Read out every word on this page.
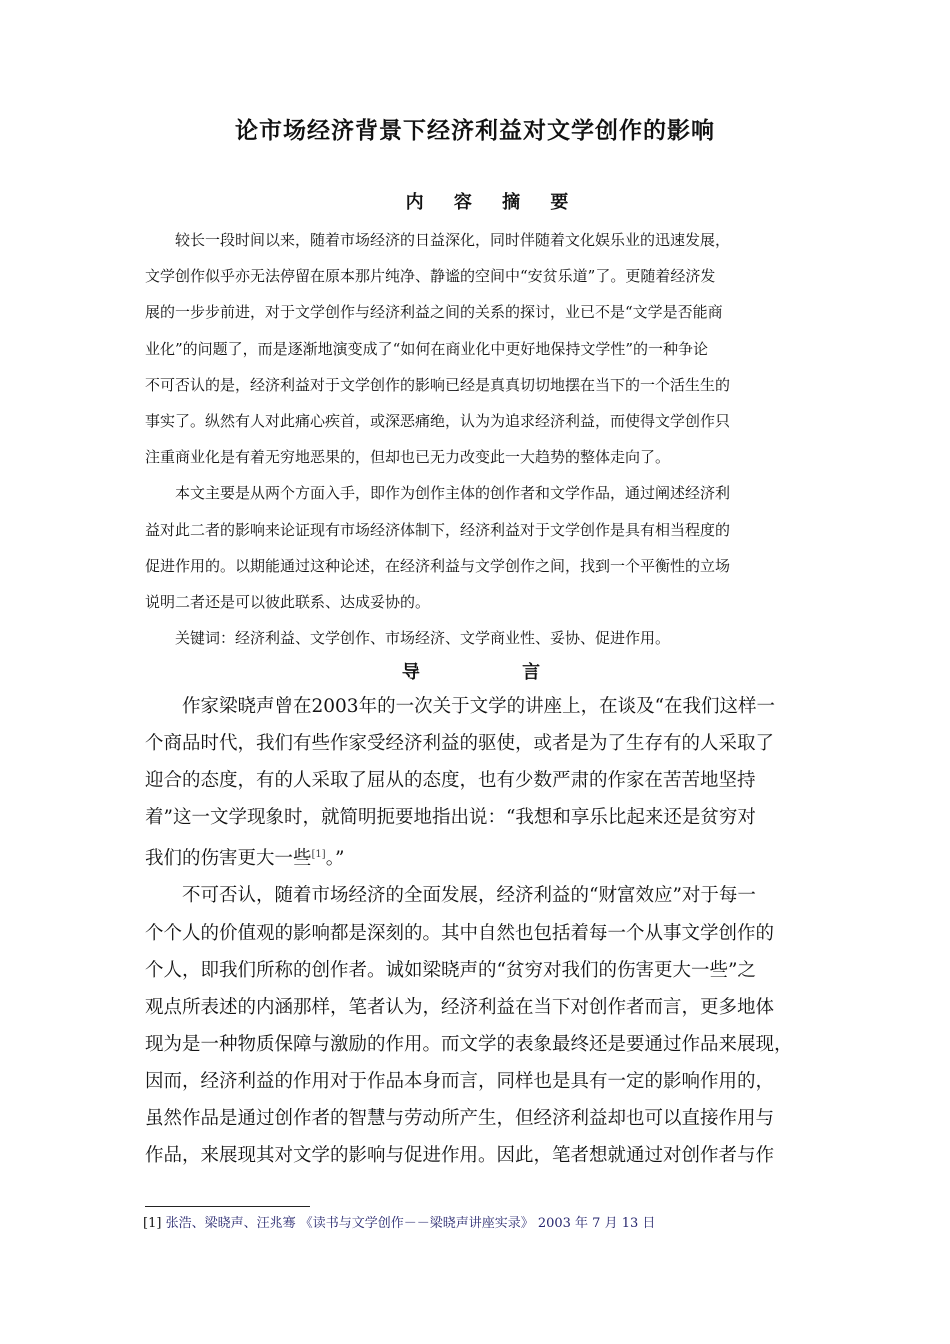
论市场经济背景下经济利益对文学创作的影响
内 容 摘 要

较长一段时间以来，随着市场经济的日益深化，同时伴随着文化娱乐业的迅速发展，
文学创作似乎亦无法停留在原本那片纯净、静谧的空间中“安贫乐道”了。更随着经济发
展的一步步前进，对于文学创作与经济利益之间的关系的探讨，业已不是“文学是否能商
业化”的问题了，而是逐渐地演变成了“如何在商业化中更好地保持文学性”的一种争论
不可否认的是，经济利益对于文学创作的影响已经是真真切切地摆在当下的一个活生生的
事实了。纵然有人对此痛心疾首，或深恶痛绝，认为为追求经济利益，而使得文学创作只
注重商业化是有着无穷地恶果的，但却也已无力改变此一大趋势的整体走向了。

本文主要是从两个方面入手，即作为创作主体的创作者和文学作品，通过阐述经济利
益对此二者的影响来论证现有市场经济体制下，经济利益对于文学创作是具有相当程度的
促进作用的。以期能通过这种论述，在经济利益与文学创作之间，找到一个平衡性的立场
说明二者还是可以彼此联系、达成妥协的。

关键词：经济利益、文学创作、市场经济、文学商业性、妥协、促进作用。

导 言

作家梁晓声曾在2003年的一次关于文学的讲座上，在谈及“在我们这样一
个商品时代，我们有些作家受经济利益的驱使，或者是为了生存有的人采取了
迎合的态度，有的人采取了屈从的态度，也有少数严肃的作家在苦苦地坚持
着”这一文学现象时，就简明扼要地指出说：“我想和享乐比起来还是贫穷对
我们的伤害更大一些[1]。”

不可否认，随着市场经济的全面发展，经济利益的“财富效应”对于每一
个个人的价值观的影响都是深刻的。其中自然也包括着每一个从事文学创作的
个人，即我们所称的创作者。诚如梁晓声的“贫穷对我们的伤害更大一些”之
观点所表述的内涵那样，笔者认为，经济利益在当下对创作者而言，更多地体
现为是一种物质保障与激励的作用。而文学的表象最终还是要通过作品来展现，
因而，经济利益的作用对于作品本身而言，同样也是具有一定的影响作用的，
虽然作品是通过创作者的智慧与劳动所产生，但经济利益却也可以直接作用与
作品，来展现其对文学的影响与促进作用。因此，笔者想就通过对创作者与作

[1] 张浩、梁晓声、汪兆骞 《读书与文学创作－－梁晓声讲座实录》 2003 年 7 月 13 日
